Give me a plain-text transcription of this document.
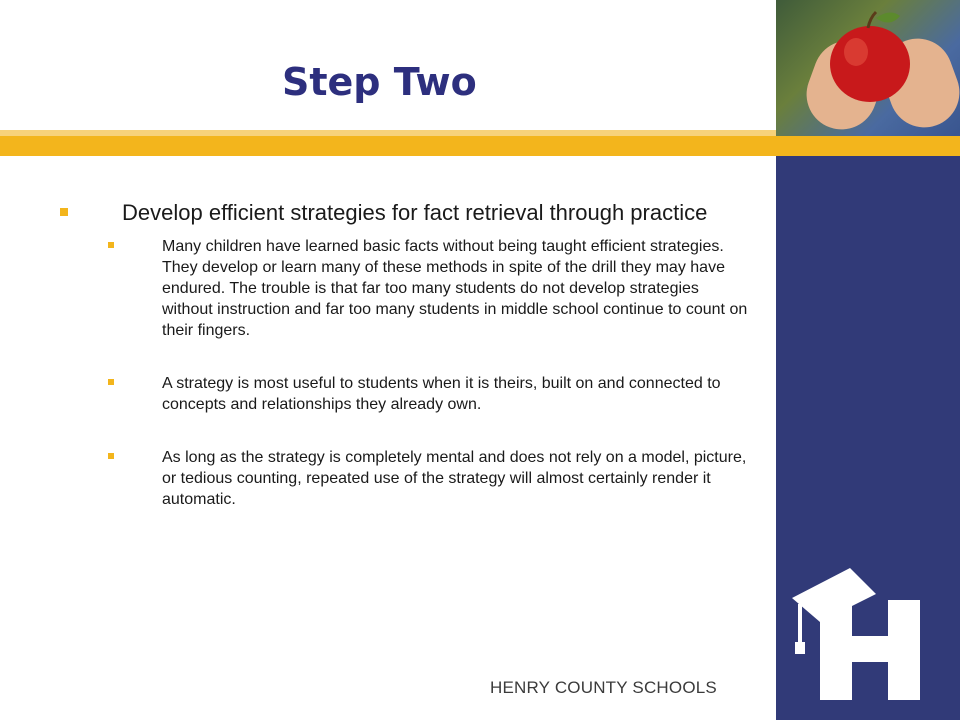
Step Two

Develop efficient strategies for fact retrieval through practice

Many children have learned basic facts without being taught efficient strategies. They develop or learn many of these methods in spite of the drill they may have endured. The trouble is that far too many students do not develop strategies without instruction and far too many students in middle school continue to count on their fingers.

A strategy is most useful to students when it is theirs, built on and connected to concepts and relationships they already own.

As long as the strategy is completely mental and does not rely on a model, picture, or tedious counting, repeated use of the strategy will almost certainly render it automatic.

HENRY COUNTY SCHOOLS
